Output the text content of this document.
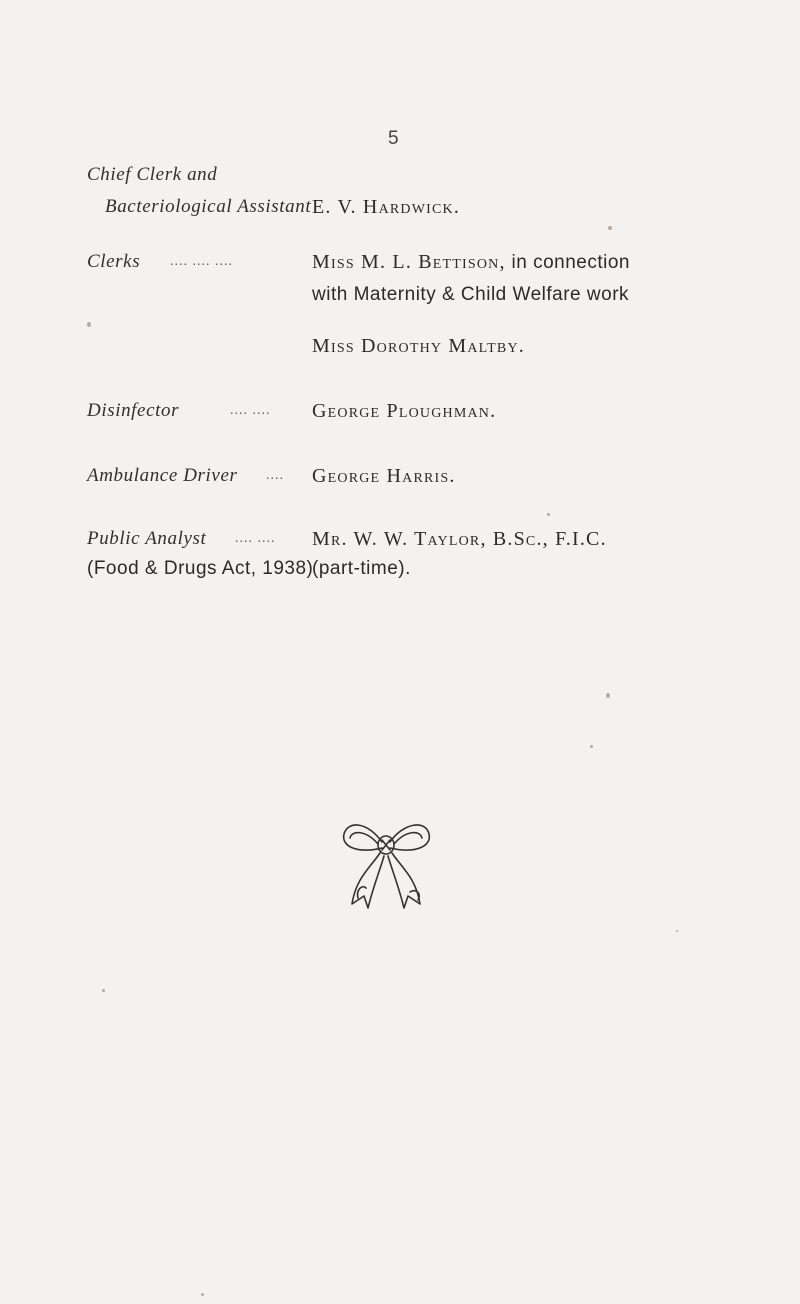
5
Chief Clerk and
Bacteriological Assistant E. V. Hardwick.
Clerks .... .... ....	Miss M. L. Bettison, in connection
with Maternity & Child Welfare work
Miss Dorothy Maltby.
Disinfector	.... .... George Ploughman.
Ambulance Driver .... George Harris.
Public Analyst .... .... Mr. W. W. Taylor, B.Sc., F.I.C.
(Food & Drugs Act, 1938)
(part-time).
